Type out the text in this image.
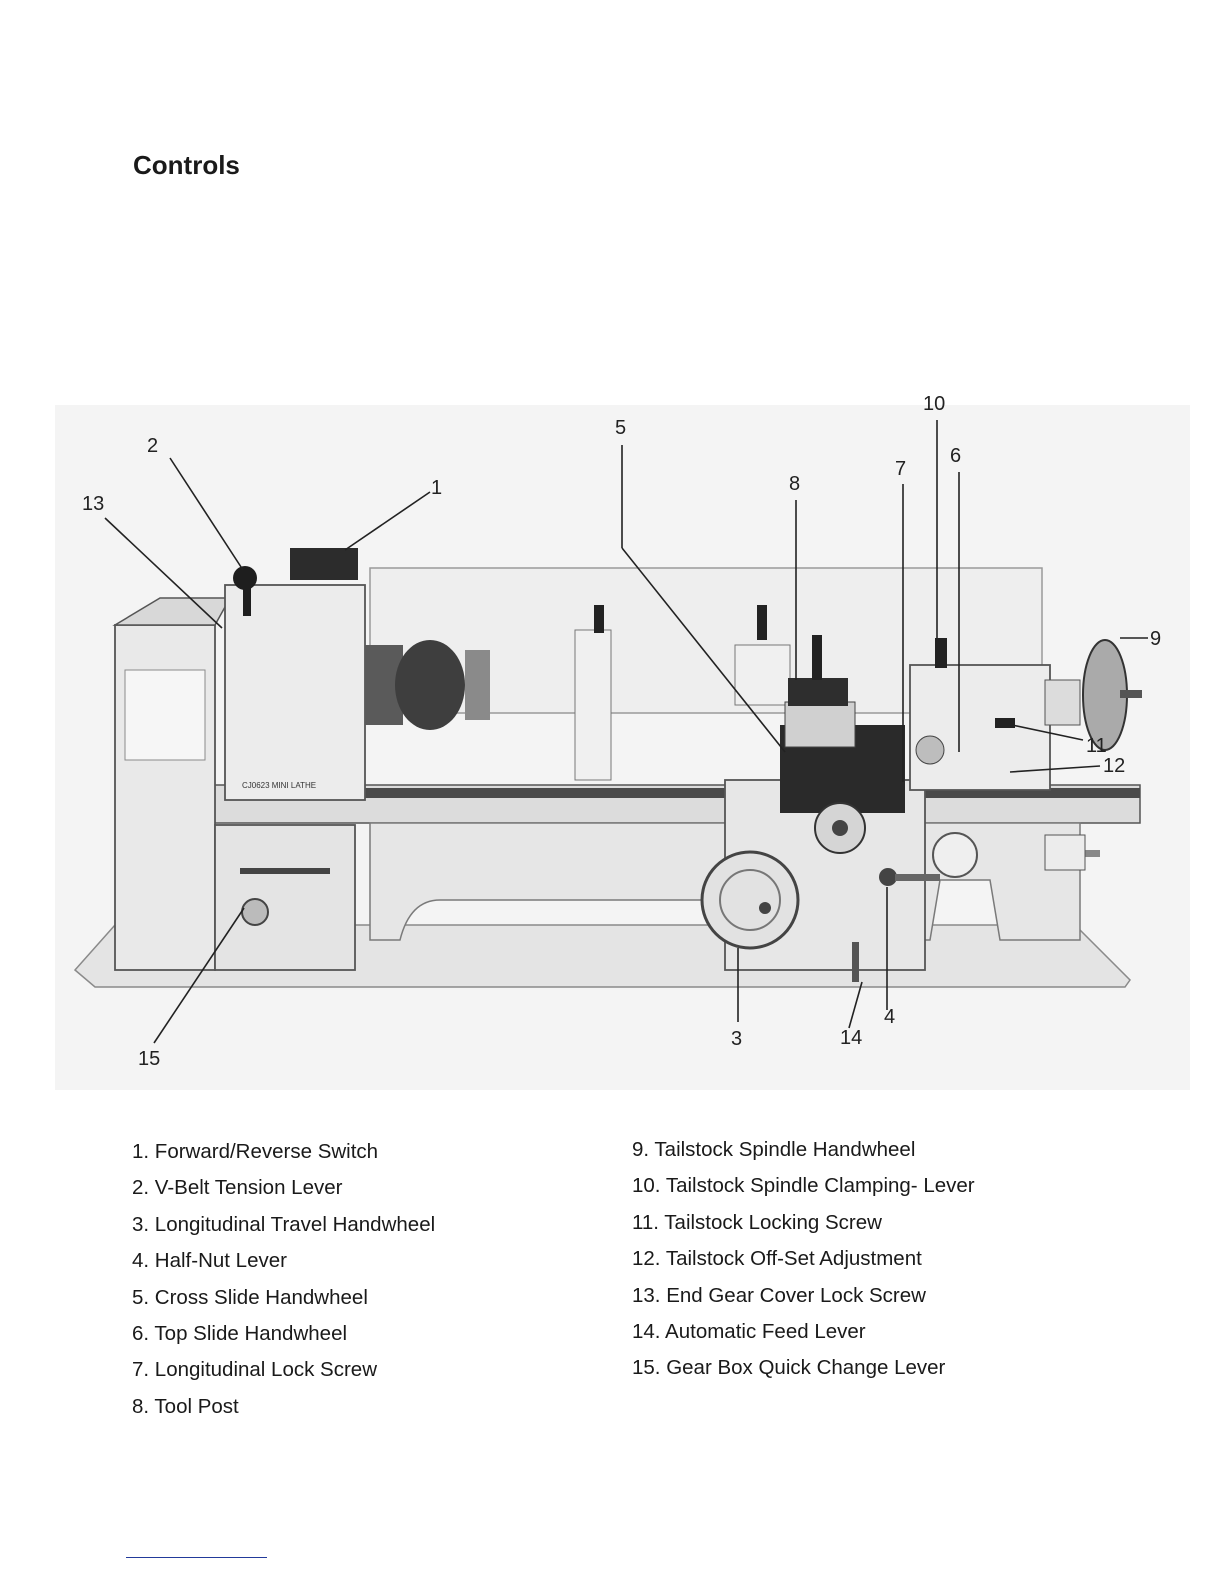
Controls
CJ0623 MINI LATHE
1
2
3
4
5
6
7
8
9
10
11
12
13
14
15
1. Forward/Reverse Switch
2. V-Belt Tension Lever
3. Longitudinal Travel Handwheel
4. Half-Nut Lever
5. Cross Slide Handwheel
6. Top Slide Handwheel
7. Longitudinal Lock Screw
8. Tool Post
9. Tailstock Spindle Handwheel
10. Tailstock Spindle Clamping- Lever
11. Tailstock Locking Screw
12. Tailstock Off-Set Adjustment
13. End Gear Cover Lock Screw
14. Automatic Feed Lever
15. Gear Box Quick Change Lever
